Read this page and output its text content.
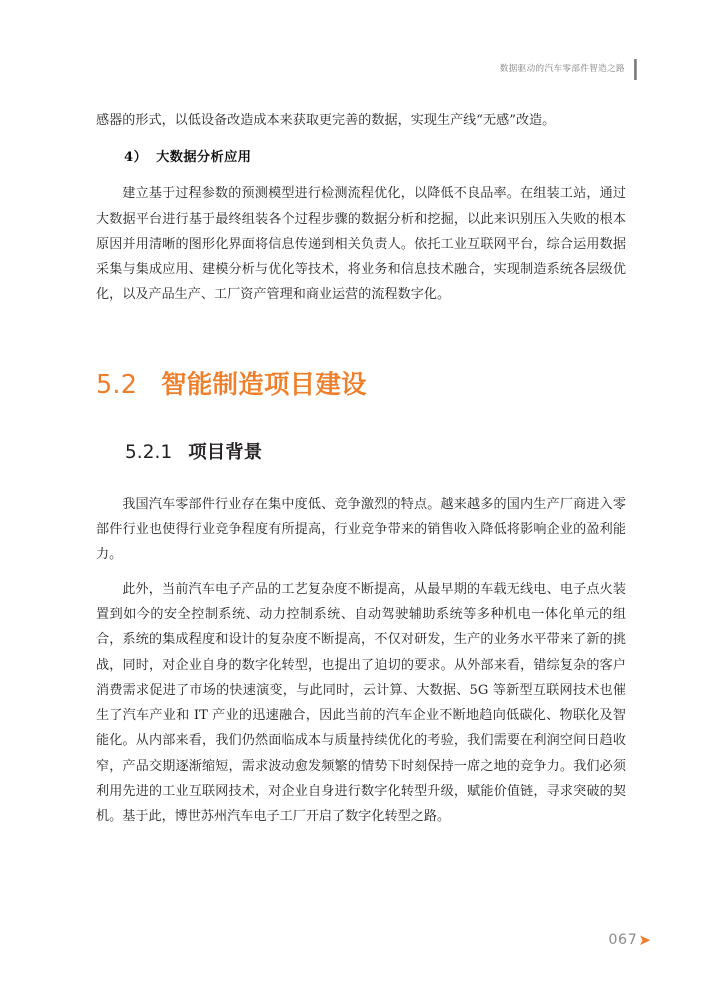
数据驱动的汽车零部件智造之路

感器的形式，以低设备改造成本来获取更完善的数据，实现生产线“无感”改造。

4） 大数据分析应用

建立基于过程参数的预测模型进行检测流程优化，以降低不良品率。在组装工站，通过大数据平台进行基于最终组装各个过程步骤的数据分析和挖掘，以此来识别压入失败的根本原因并用清晰的图形化界面将信息传递到相关负责人。依托工业互联网平台，综合运用数据采集与集成应用、建模分析与优化等技术，将业务和信息技术融合，实现制造系统各层级优化，以及产品生产、工厂资产管理和商业运营的流程数字化。

5.2 智能制造项目建设
5.2.1 项目背景

我国汽车零部件行业存在集中度低、竞争激烈的特点。越来越多的国内生产厂商进入零部件行业也使得行业竞争程度有所提高，行业竞争带来的销售收入降低将影响企业的盈利能力。

此外，当前汽车电子产品的工艺复杂度不断提高，从最早期的车载无线电、电子点火装置到如今的安全控制系统、动力控制系统、自动驾驶辅助系统等多种机电一体化单元的组合，系统的集成程度和设计的复杂度不断提高，不仅对研发，生产的业务水平带来了新的挑战，同时，对企业自身的数字化转型，也提出了迫切的要求。从外部来看，错综复杂的客户消费需求促进了市场的快速演变，与此同时，云计算、大数据、5G 等新型互联网技术也催生了汽车产业和 IT 产业的迅速融合，因此当前的汽车企业不断地趋向低碳化、物联化及智能化。从内部来看，我们仍然面临成本与质量持续优化的考验，我们需要在利润空间日趋收窄，产品交期逐渐缩短，需求波动愈发频繁的情势下时刻保持一席之地的竞争力。我们必须利用先进的工业互联网技术，对企业自身进行数字化转型升级，赋能价值链，寻求突破的契机。基于此，博世苏州汽车电子工厂开启了数字化转型之路。

067 ➤
